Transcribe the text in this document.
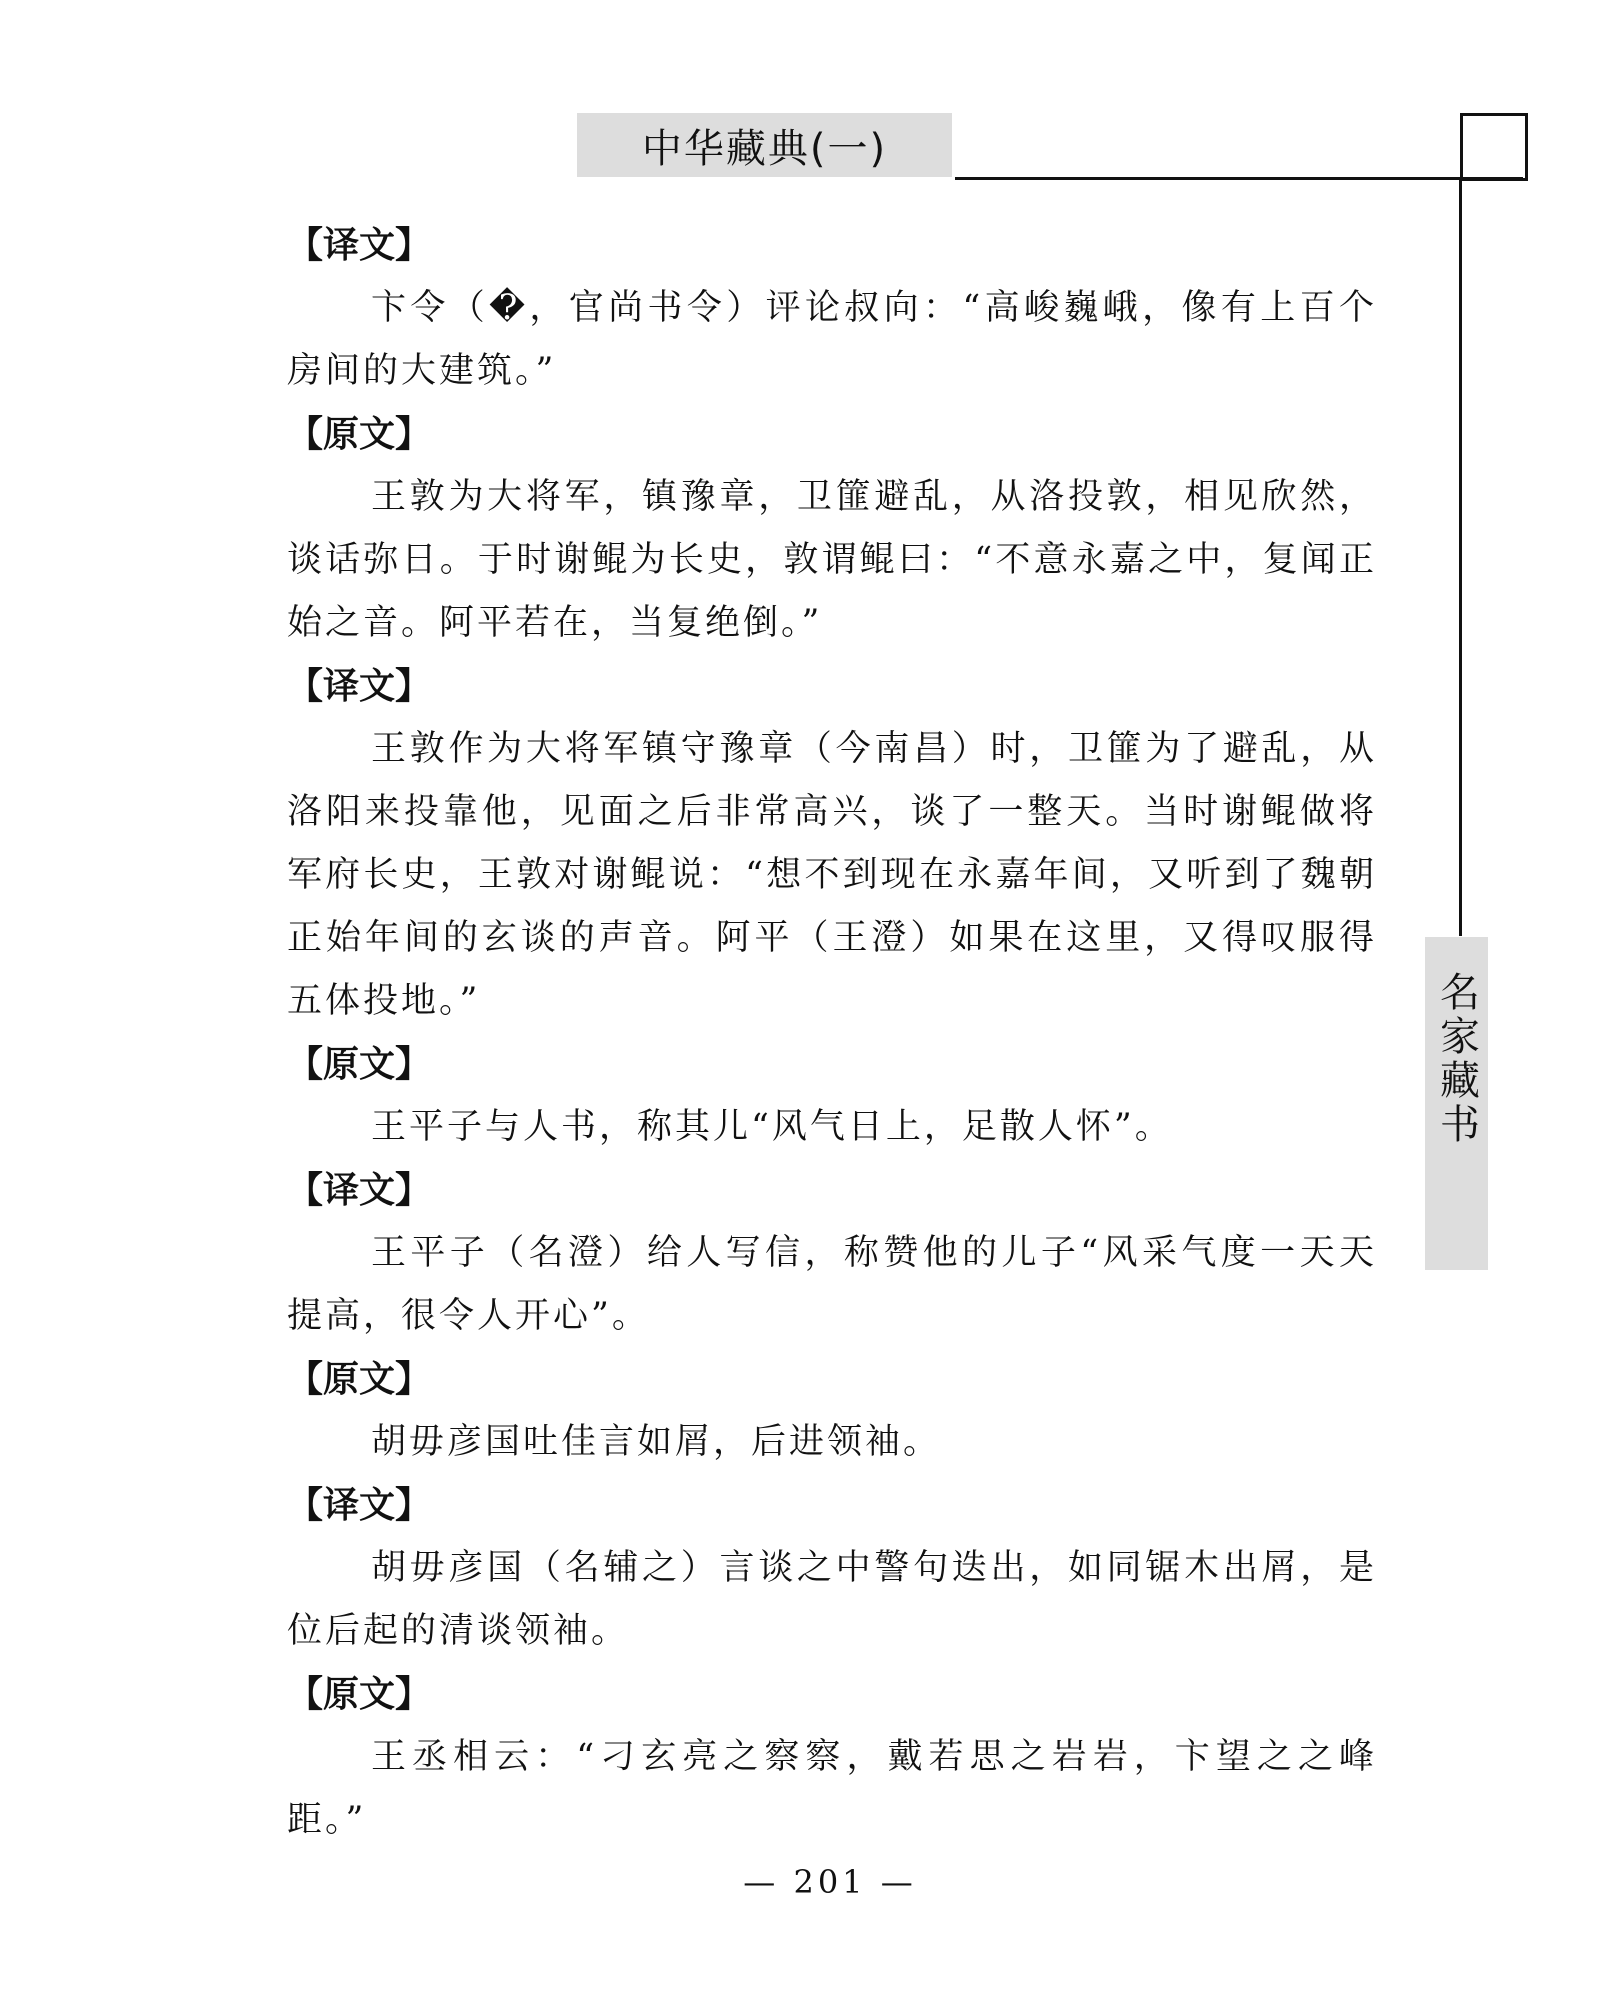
中华藏典(一)
名家藏书

【译文】

卞令（�，官尚书令）评论叔向：“高峻巍峨，像有上百个房间的大建筑。”

【原文】

王敦为大将军，镇豫章，卫篚避乱，从洛投敦，相见欣然，谈话弥日。于时谢鲲为长史，敦谓鲲曰：“不意永嘉之中，复闻正始之音。阿平若在，当复绝倒。”

【译文】

王敦作为大将军镇守豫章（今南昌）时，卫篚为了避乱，从洛阳来投靠他，见面之后非常高兴，谈了一整天。当时谢鲲做将军府长史，王敦对谢鲲说：“想不到现在永嘉年间，又听到了魏朝正始年间的玄谈的声音。阿平（王澄）如果在这里，又得叹服得五体投地。”

【原文】

王平子与人书，称其儿“风气日上，足散人怀”。

【译文】

王平子（名澄）给人写信，称赞他的儿子“风采气度一天天提高，很令人开心”。

【原文】

胡毋彦国吐佳言如屑，后进领袖。

【译文】

胡毋彦国（名辅之）言谈之中警句迭出，如同锯木出屑，是位后起的清谈领袖。

【原文】

王丞相云：“刁玄亮之察察，戴若思之岩岩，卞望之之峰距。”

— 201 —
